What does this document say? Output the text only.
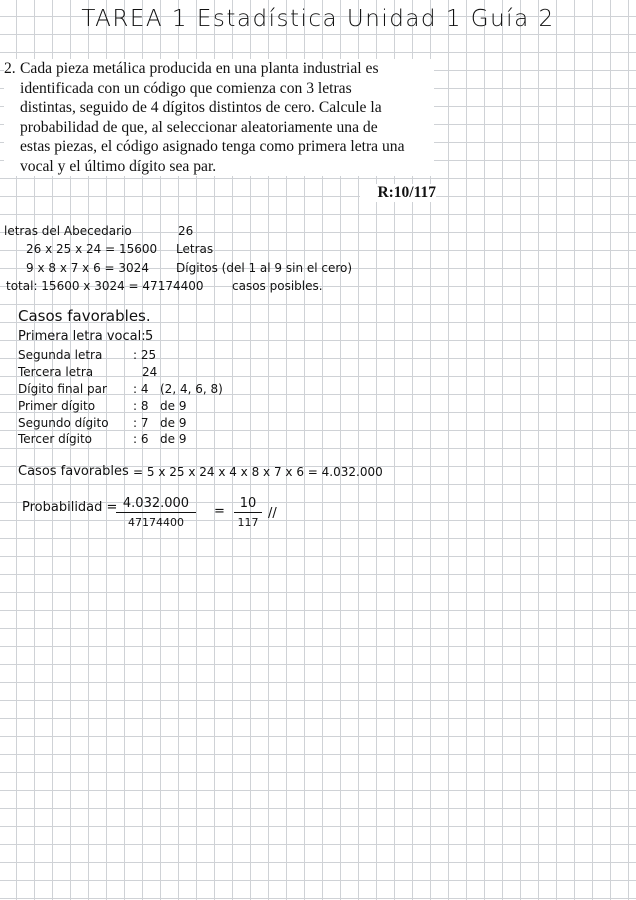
TAREA 1 Estadística Unidad 1 Guía 2
2. Cada pieza metálica producida en una planta industrial es
identificada con un código que comienza con 3 letras
distintas, seguido de 4 dígitos distintos de cero. Calcule la
probabilidad de que, al seleccionar aleatoriamente una de
estas piezas, el código asignado tenga como primera letra una
vocal y el último dígito sea par.
R:10/117
letras del Abecedario	26
26 x 25 x 24 = 15600 Letras
9 x 8 x 7 x 6 = 3024 Dígitos (del 1 al 9 sin el cero)
total: 15600 x 3024 = 47174400 casos posibles.
Casos favorables.
Primera letra vocal: 5
Segunda letra	: 25
Tercera letra	24
Dígito final par : 4 (2, 4, 6, 8)
Primer dígito	: 8 de 9
Segundo dígito : 7 de 9
Tercer dígito	: 6 de 9
Casos favorables = 5 x 25 x 24 x 4 x 8 x 7 x 6 = 4.032.000
Probabilidad = 4.032.000
47174400
=
10
117
//
